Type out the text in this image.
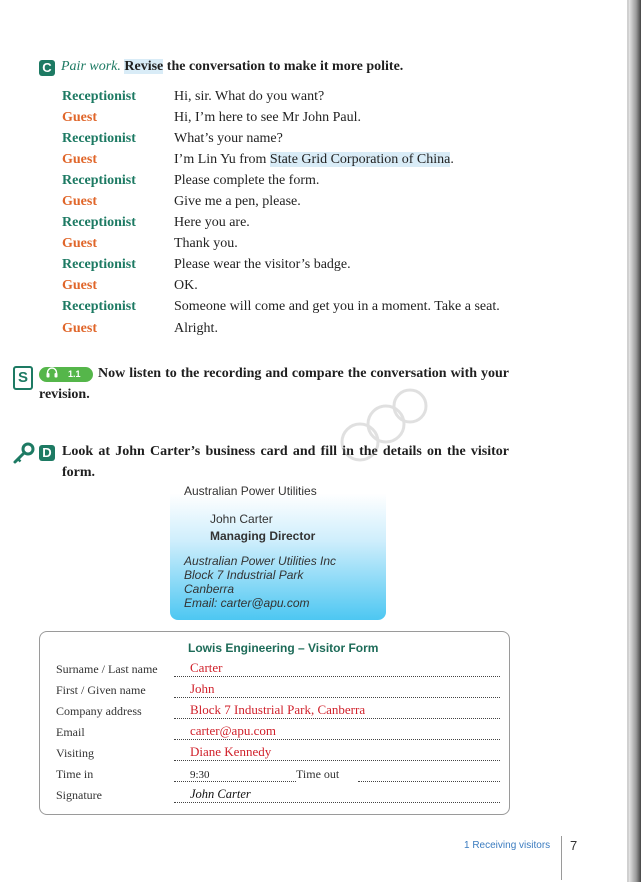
C Pair work. Revise the conversation to make it more polite.
Receptionist	Hi, sir. What do you want?
Guest	Hi, I’m here to see Mr John Paul.
Receptionist	What’s your name?
Guest	I’m Lin Yu from State Grid Corporation of China.
Receptionist	Please complete the form.
Guest	Give me a pen, please.
Receptionist	Here you are.
Guest	Thank you.
Receptionist	Please wear the visitor’s badge.
Guest	OK.
Receptionist	Someone will come and get you in a moment. Take a seat.
Guest	Alright.
S	Now listen to the recording and compare the conversation with your revision.
1.1
D Look at John Carter’s business card and fill in the details on the visitor form.
Australian Power Utilities
John Carter
Managing Director
Australian Power Utilities Inc
Block 7 Industrial Park
Canberra
Email: carter@apu.com
Lowis Engineering – Visitor Form
Surname / Last name Carter
First / Given name	John
Company address	Block 7 Industrial Park, Canberra
Email	carter@apu.com
Visiting	Diane Kennedy
Time in	9:30	Time out
Signature	John Carter
1 Receiving visitors 7
